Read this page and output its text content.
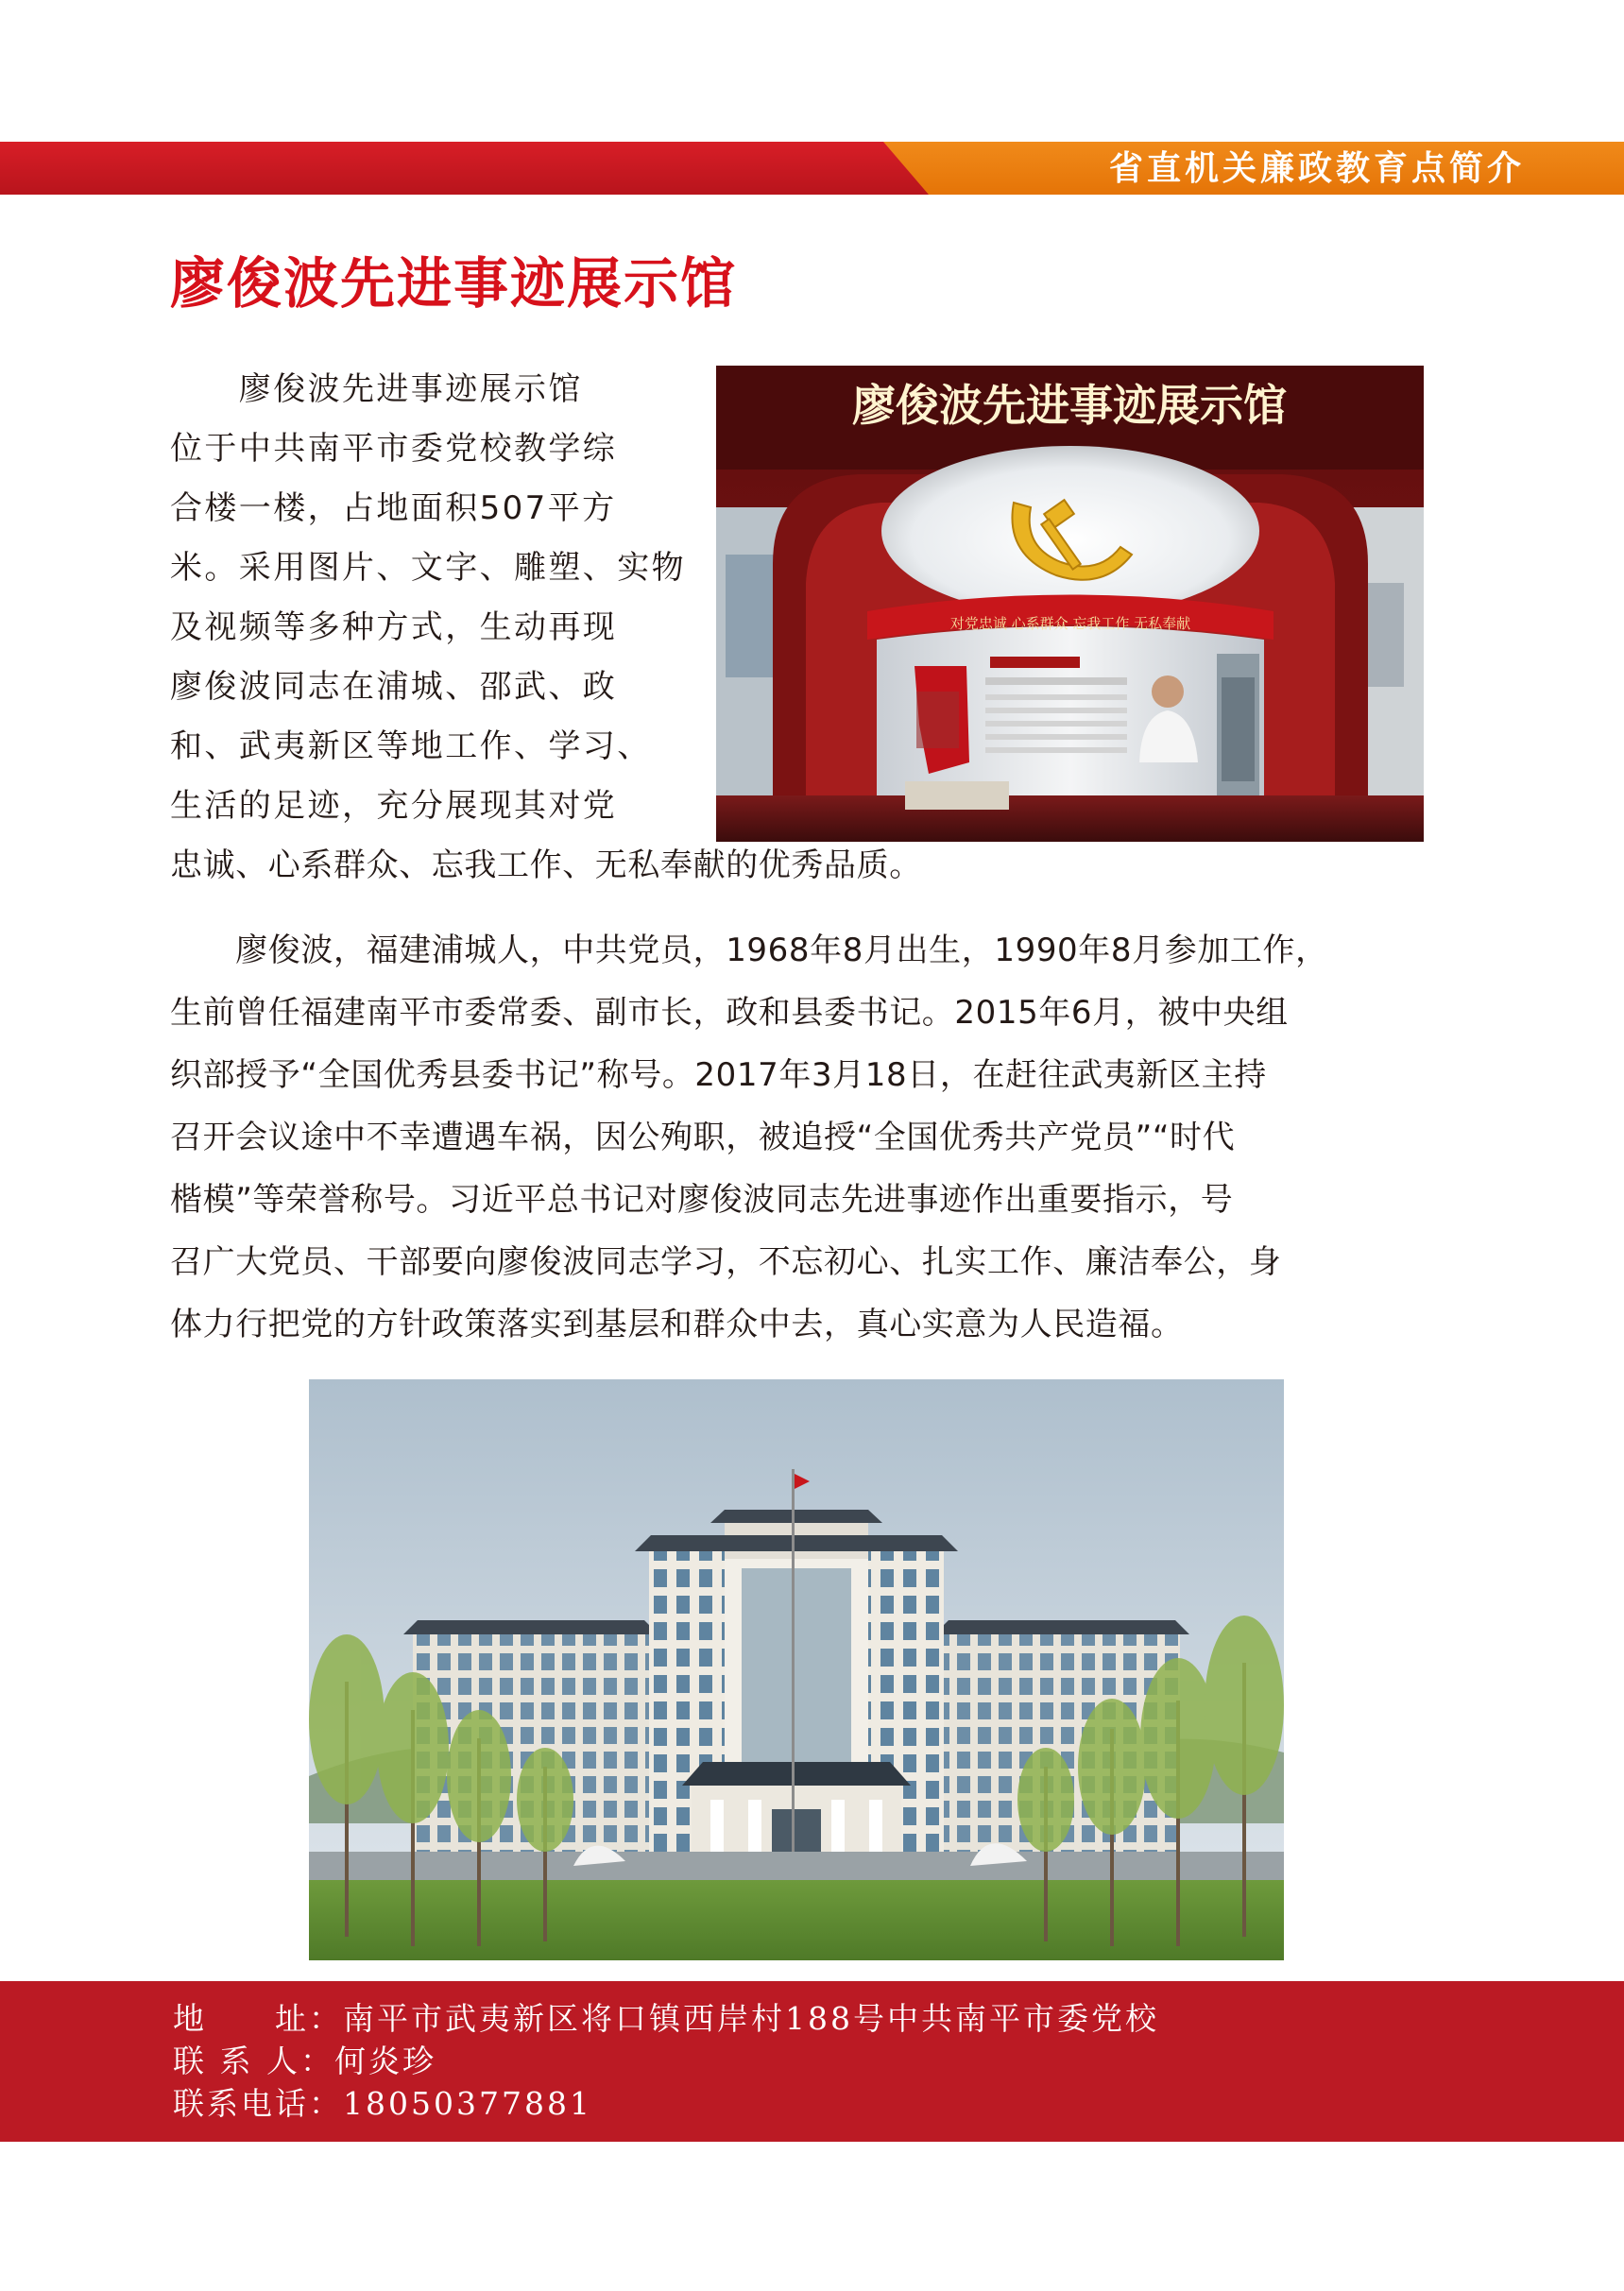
省直机关廉政教育点简介
廖俊波先进事迹展示馆

　　廖俊波先进事迹展示馆

位于中共南平市委党校教学综

合楼一楼，占地面积507平方

米。采用图片、文字、雕塑、实物

及视频等多种方式，生动再现

廖俊波同志在浦城、邵武、政

和、武夷新区等地工作、学习、

生活的足迹，充分展现其对党

忠诚、心系群众、忘我工作、无私奉献的优秀品质。

廖俊波先进事迹展示馆
对党忠诚 心系群众 忘我工作 无私奉献

　　廖俊波，福建浦城人，中共党员，1968年8月出生，1990年8月参加工作，

生前曾任福建南平市委常委、副市长，政和县委书记。2015年6月，被中央组

织部授予“全国优秀县委书记”称号。2017年3月18日，在赶往武夷新区主持

召开会议途中不幸遭遇车祸，因公殉职，被追授“全国优秀共产党员”“时代

楷模”等荣誉称号。习近平总书记对廖俊波同志先进事迹作出重要指示，号

召广大党员、干部要向廖俊波同志学习，不忘初心、扎实工作、廉洁奉公，身

体力行把党的方针政策落实到基层和群众中去，真心实意为人民造福。

地　　址：南平市武夷新区将口镇西岸村188号中共南平市委党校

联 系 人：何炎珍

联系电话：18050377881
